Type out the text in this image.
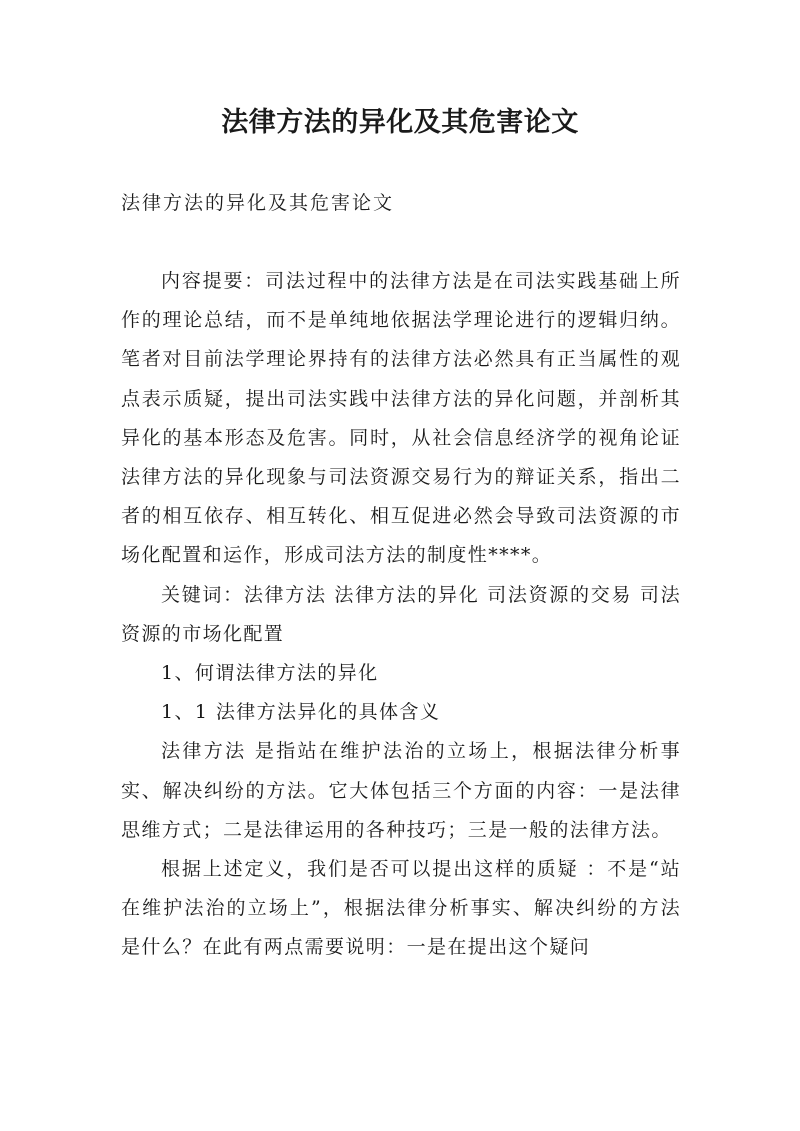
法律方法的异化及其危害论文

法律方法的异化及其危害论文

内容提要：司法过程中的法律方法是在司法实践基础上所作的理论总结，而不是单纯地依据法学理论进行的逻辑归纳。笔者对目前法学理论界持有的法律方法必然具有正当属性的观点表示质疑，提出司法实践中法律方法的异化问题，并剖析其异化的基本形态及危害。同时，从社会信息经济学的视角论证法律方法的异化现象与司法资源交易行为的辩证关系，指出二者的相互依存、相互转化、相互促进必然会导致司法资源的市场化配置和运作，形成司法方法的制度性****。

关键词：法律方法 法律方法的异化 司法资源的交易 司法资源的市场化配置

1、何谓法律方法的异化

1、1 法律方法异化的具体含义

法律方法 是指站在维护法治的立场上，根据法律分析事实、解决纠纷的方法。它大体包括三个方面的内容：一是法律思维方式；二是法律运用的各种技巧；三是一般的法律方法。

根据上述定义，我们是否可以提出这样的质疑 ：不是“站在维护法治的立场上”，根据法律分析事实、解决纠纷的方法是什么？在此有两点需要说明：一是在提出这个疑问
